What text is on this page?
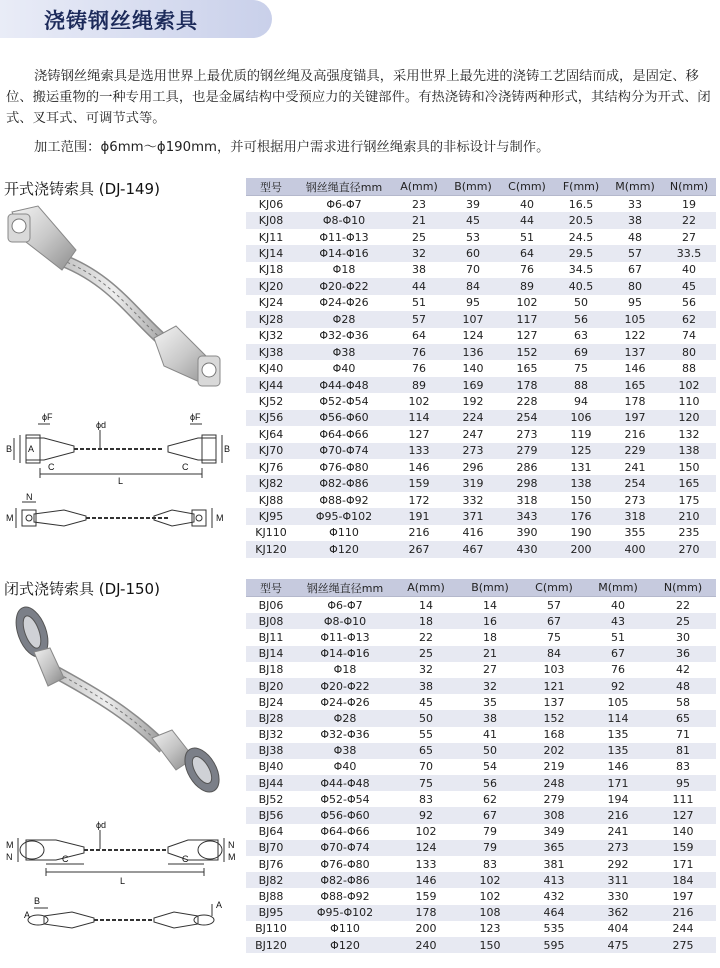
浇铸钢丝绳索具

浇铸钢丝绳索具是选用世界上最优质的钢丝绳及高强度锚具，采用世界上最先进的浇铸工艺固结而成，是固定、移位、搬运重物的一种专用工具，也是金属结构中受预应力的关键部件。有热浇铸和冷浇铸两种形式，其结构分为开式、闭式、叉耳式、可调节式等。

加工范围：ϕ6mm～ϕ190mm，并可根据用户需求进行钢丝绳索具的非标设计与制作。

开式浇铸索具 (DJ-149)
ϕF	ϕF
ϕd
B A
C	C
L
B
N
M	M
型号	钢丝绳直径mm	A(mm)	B(mm)	C(mm)	F(mm)	M(mm)	N(mm)
KJ06	Φ6-Φ7	23	39	40	16.5	33	19
KJ08	Φ8-Φ10	21	45	44	20.5	38	22
KJ11	Φ11-Φ13	25	53	51	24.5	48	27
KJ14	Φ14-Φ16	32	60	64	29.5	57	33.5
KJ18	Φ18	38	70	76	34.5	67	40
KJ20	Φ20-Φ22	44	84	89	40.5	80	45
KJ24	Φ24-Φ26	51	95	102	50	95	56
KJ28	Φ28	57	107	117	56	105	62
KJ32	Φ32-Φ36	64	124	127	63	122	74
KJ38	Φ38	76	136	152	69	137	80
KJ40	Φ40	76	140	165	75	146	88
KJ44	Φ44-Φ48	89	169	178	88	165	102
KJ52	Φ52-Φ54	102	192	228	94	178	110
KJ56	Φ56-Φ60	114	224	254	106	197	120
KJ64	Φ64-Φ66	127	247	273	119	216	132
KJ70	Φ70-Φ74	133	273	279	125	229	138
KJ76	Φ76-Φ80	146	296	286	131	241	150
KJ82	Φ82-Φ86	159	319	298	138	254	165
KJ88	Φ88-Φ92	172	332	318	150	273	175
KJ95	Φ95-Φ102	191	371	343	176	318	210
KJ110	Φ110	216	416	390	190	355	235
KJ120	Φ120	267	467	430	200	400	270
闭式浇铸索具 (DJ-150)
ϕd
M
N
N
M
C	C
L
B
A
A
型号	钢丝绳直径mm	A(mm)	B(mm)	C(mm)	M(mm)	N(mm)
BJ06	Φ6-Φ7	14	14	57	40	22
BJ08	Φ8-Φ10	18	16	67	43	25
BJ11	Φ11-Φ13	22	18	75	51	30
BJ14	Φ14-Φ16	25	21	84	67	36
BJ18	Φ18	32	27	103	76	42
BJ20	Φ20-Φ22	38	32	121	92	48
BJ24	Φ24-Φ26	45	35	137	105	58
BJ28	Φ28	50	38	152	114	65
BJ32	Φ32-Φ36	55	41	168	135	71
BJ38	Φ38	65	50	202	135	81
BJ40	Φ40	70	54	219	146	83
BJ44	Φ44-Φ48	75	56	248	171	95
BJ52	Φ52-Φ54	83	62	279	194	111
BJ56	Φ56-Φ60	92	67	308	216	127
BJ64	Φ64-Φ66	102	79	349	241	140
BJ70	Φ70-Φ74	124	79	365	273	159
BJ76	Φ76-Φ80	133	83	381	292	171
BJ82	Φ82-Φ86	146	102	413	311	184
BJ88	Φ88-Φ92	159	102	432	330	197
BJ95	Φ95-Φ102	178	108	464	362	216
BJ110	Φ110	200	123	535	404	244
BJ120	Φ120	240	150	595	475	275
